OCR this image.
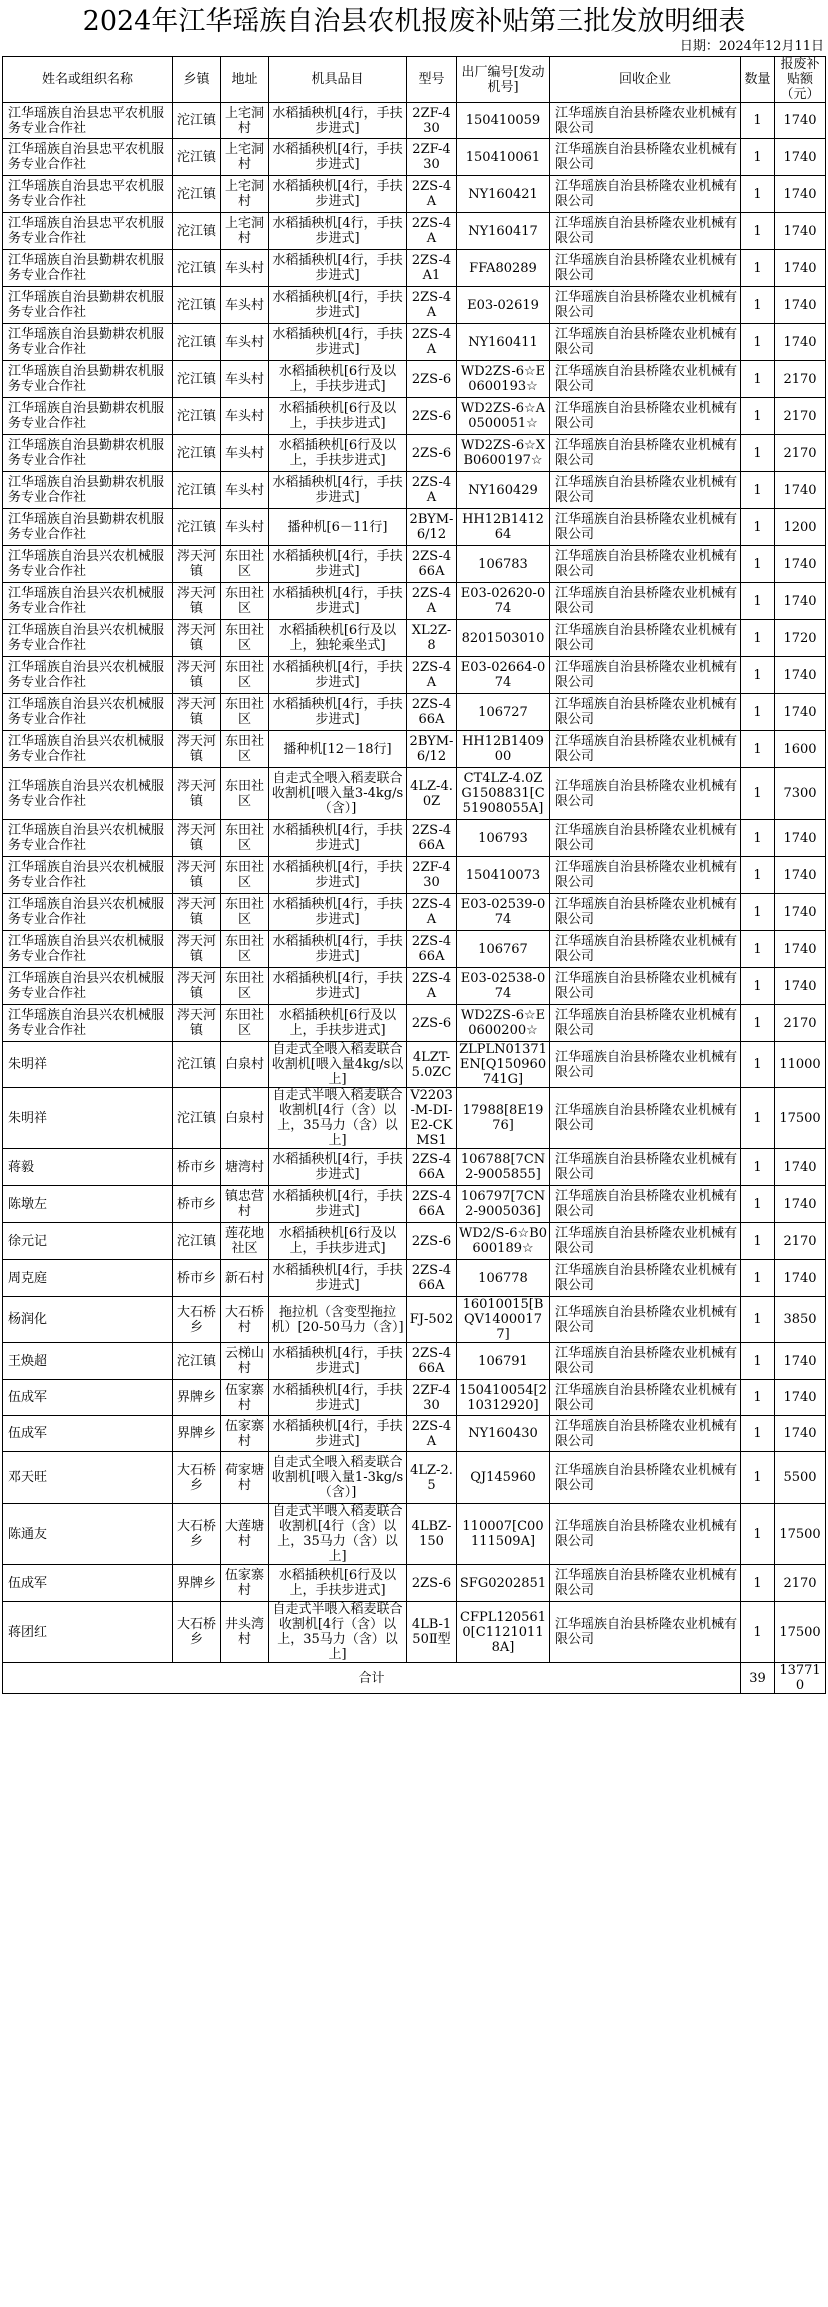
2024年江华瑶族自治县农机报废补贴第三批发放明细表
日期：2024年12月11日
姓名或组织名称	乡镇	地址	机具品目	型号	出厂编号[发动机号]	回收企业	数量	报废补贴额（元）
江华瑶族自治县忠平农机服务专业合作社	沱江镇	上宅洞村	水稻插秧机[4行，手扶步进式]	2ZF-430	150410059	江华瑶族自治县桥隆农业机械有限公司	1	1740
江华瑶族自治县忠平农机服务专业合作社	沱江镇	上宅洞村	水稻插秧机[4行，手扶步进式]	2ZF-430	150410061	江华瑶族自治县桥隆农业机械有限公司	1	1740
江华瑶族自治县忠平农机服务专业合作社	沱江镇	上宅洞村	水稻插秧机[4行，手扶步进式]	2ZS-4A	NY160421	江华瑶族自治县桥隆农业机械有限公司	1	1740
江华瑶族自治县忠平农机服务专业合作社	沱江镇	上宅洞村	水稻插秧机[4行，手扶步进式]	2ZS-4A	NY160417	江华瑶族自治县桥隆农业机械有限公司	1	1740
江华瑶族自治县勤耕农机服务专业合作社	沱江镇	车头村	水稻插秧机[4行，手扶步进式]	2ZS-4A1	FFA80289	江华瑶族自治县桥隆农业机械有限公司	1	1740
江华瑶族自治县勤耕农机服务专业合作社	沱江镇	车头村	水稻插秧机[4行，手扶步进式]	2ZS-4A	E03-02619	江华瑶族自治县桥隆农业机械有限公司	1	1740
江华瑶族自治县勤耕农机服务专业合作社	沱江镇	车头村	水稻插秧机[4行，手扶步进式]	2ZS-4A	NY160411	江华瑶族自治县桥隆农业机械有限公司	1	1740
江华瑶族自治县勤耕农机服务专业合作社	沱江镇	车头村	水稻插秧机[6行及以上，手扶步进式]	2ZS-6	WD2ZS-6☆E0600193☆	江华瑶族自治县桥隆农业机械有限公司	1	2170
江华瑶族自治县勤耕农机服务专业合作社	沱江镇	车头村	水稻插秧机[6行及以上，手扶步进式]	2ZS-6	WD2ZS-6☆A0500051☆	江华瑶族自治县桥隆农业机械有限公司	1	2170
江华瑶族自治县勤耕农机服务专业合作社	沱江镇	车头村	水稻插秧机[6行及以上，手扶步进式]	2ZS-6	WD2ZS-6☆XB0600197☆	江华瑶族自治县桥隆农业机械有限公司	1	2170
江华瑶族自治县勤耕农机服务专业合作社	沱江镇	车头村	水稻插秧机[4行，手扶步进式]	2ZS-4A	NY160429	江华瑶族自治县桥隆农业机械有限公司	1	1740
江华瑶族自治县勤耕农机服务专业合作社	沱江镇	车头村	播种机[6－11行]	2BYM-6/12	HH12B141264	江华瑶族自治县桥隆农业机械有限公司	1	1200
江华瑶族自治县兴农机械服务专业合作社	涔天河镇	东田社区	水稻插秧机[4行，手扶步进式]	2ZS-466A	106783	江华瑶族自治县桥隆农业机械有限公司	1	1740
江华瑶族自治县兴农机械服务专业合作社	涔天河镇	东田社区	水稻插秧机[4行，手扶步进式]	2ZS-4A	E03-02620-074	江华瑶族自治县桥隆农业机械有限公司	1	1740
江华瑶族自治县兴农机械服务专业合作社	涔天河镇	东田社区	水稻插秧机[6行及以上，独轮乘坐式]	XL2Z-8	8201503010	江华瑶族自治县桥隆农业机械有限公司	1	1720
江华瑶族自治县兴农机械服务专业合作社	涔天河镇	东田社区	水稻插秧机[4行，手扶步进式]	2ZS-4A	E03-02664-074	江华瑶族自治县桥隆农业机械有限公司	1	1740
江华瑶族自治县兴农机械服务专业合作社	涔天河镇	东田社区	水稻插秧机[4行，手扶步进式]	2ZS-466A	106727	江华瑶族自治县桥隆农业机械有限公司	1	1740
江华瑶族自治县兴农机械服务专业合作社	涔天河镇	东田社区	播种机[12－18行]	2BYM-6/12	HH12B140900	江华瑶族自治县桥隆农业机械有限公司	1	1600
江华瑶族自治县兴农机械服务专业合作社	涔天河镇	东田社区	自走式全喂入稻麦联合收割机[喂入量3-4kg/s（含）]	4LZ-4.0Z	CT4LZ-4.0ZG1508831[C51908055A]	江华瑶族自治县桥隆农业机械有限公司	1	7300
江华瑶族自治县兴农机械服务专业合作社	涔天河镇	东田社区	水稻插秧机[4行，手扶步进式]	2ZS-466A	106793	江华瑶族自治县桥隆农业机械有限公司	1	1740
江华瑶族自治县兴农机械服务专业合作社	涔天河镇	东田社区	水稻插秧机[4行，手扶步进式]	2ZF-430	150410073	江华瑶族自治县桥隆农业机械有限公司	1	1740
江华瑶族自治县兴农机械服务专业合作社	涔天河镇	东田社区	水稻插秧机[4行，手扶步进式]	2ZS-4A	E03-02539-074	江华瑶族自治县桥隆农业机械有限公司	1	1740
江华瑶族自治县兴农机械服务专业合作社	涔天河镇	东田社区	水稻插秧机[4行，手扶步进式]	2ZS-466A	106767	江华瑶族自治县桥隆农业机械有限公司	1	1740
江华瑶族自治县兴农机械服务专业合作社	涔天河镇	东田社区	水稻插秧机[4行，手扶步进式]	2ZS-4A	E03-02538-074	江华瑶族自治县桥隆农业机械有限公司	1	1740
江华瑶族自治县兴农机械服务专业合作社	涔天河镇	东田社区	水稻插秧机[6行及以上，手扶步进式]	2ZS-6	WD2ZS-6☆E0600200☆	江华瑶族自治县桥隆农业机械有限公司	1	2170
朱明祥	沱江镇	白泉村	自走式全喂入稻麦联合收割机[喂入量4kg/s以上]	4LZT-5.0ZC	ZLPLN01371EN[Q150960741G]	江华瑶族自治县桥隆农业机械有限公司	1	11000
朱明祥	沱江镇	白泉村	自走式半喂入稻麦联合收割机[4行（含）以上，35马力（含）以上]	V2203-M-DI-E2-CKMS1	17988[8E1976]	江华瑶族自治县桥隆农业机械有限公司	1	17500
蒋毅	桥市乡	塘湾村	水稻插秧机[4行，手扶步进式]	2ZS-466A	106788[7CN2-9005855]	江华瑶族自治县桥隆农业机械有限公司	1	1740
陈墩左	桥市乡	镇忠营村	水稻插秧机[4行，手扶步进式]	2ZS-466A	106797[7CN2-9005036]	江华瑶族自治县桥隆农业机械有限公司	1	1740
徐元记	沱江镇	莲花地社区	水稻插秧机[6行及以上，手扶步进式]	2ZS-6	WD2/S-6☆B0600189☆	江华瑶族自治县桥隆农业机械有限公司	1	2170
周克庭	桥市乡	新石村	水稻插秧机[4行，手扶步进式]	2ZS-466A	106778	江华瑶族自治县桥隆农业机械有限公司	1	1740
杨润化	大石桥乡	大石桥村	拖拉机（含变型拖拉机）[20-50马力（含）]	FJ-502	16010015[BQV14000177]	江华瑶族自治县桥隆农业机械有限公司	1	3850
王焕超	沱江镇	云梯山村	水稻插秧机[4行，手扶步进式]	2ZS-466A	106791	江华瑶族自治县桥隆农业机械有限公司	1	1740
伍成军	界牌乡	伍家寨村	水稻插秧机[4行，手扶步进式]	2ZF-430	150410054[210312920]	江华瑶族自治县桥隆农业机械有限公司	1	1740
伍成军	界牌乡	伍家寨村	水稻插秧机[4行，手扶步进式]	2ZS-4A	NY160430	江华瑶族自治县桥隆农业机械有限公司	1	1740
邓天旺	大石桥乡	荷家塘村	自走式全喂入稻麦联合收割机[喂入量1-3kg/s（含）]	4LZ-2.5	QJ145960	江华瑶族自治县桥隆农业机械有限公司	1	5500
陈通友	大石桥乡	大莲塘村	自走式半喂入稻麦联合收割机[4行（含）以上，35马力（含）以上]	4LBZ-150	110007[C00111509A]	江华瑶族自治县桥隆农业机械有限公司	1	17500
伍成军	界牌乡	伍家寨村	水稻插秧机[6行及以上，手扶步进式]	2ZS-6	SFG0202851	江华瑶族自治县桥隆农业机械有限公司	1	2170
蒋团红	大石桥乡	井头湾村	自走式半喂入稻麦联合收割机[4行（含）以上，35马力（含）以上]	4LB-150Ⅱ型	CFPL1205610[C11210118A]	江华瑶族自治县桥隆农业机械有限公司	1	17500
合计							39	137710
